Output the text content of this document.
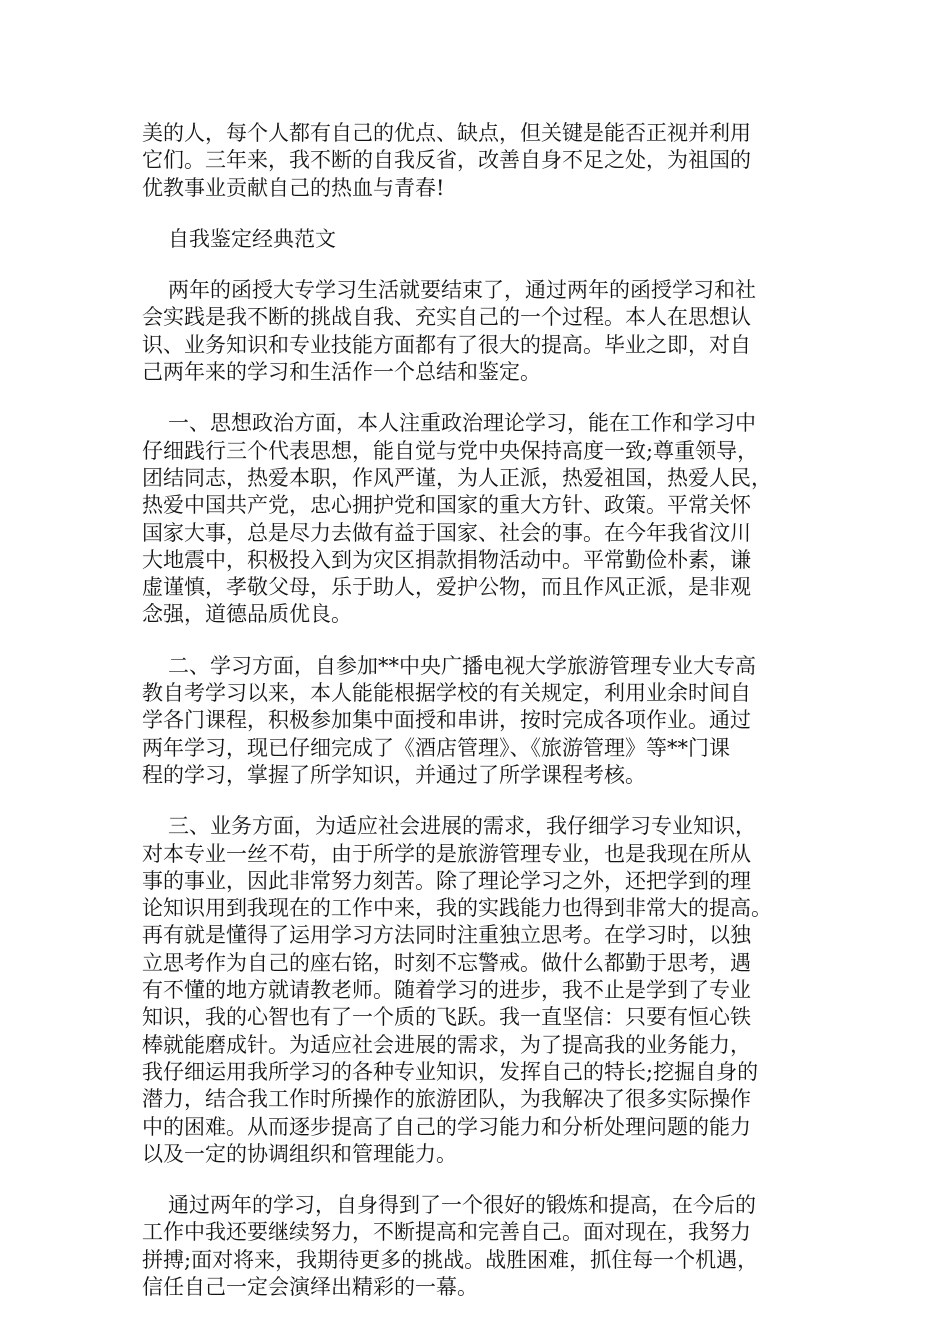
美的人，每个人都有自己的优点、缺点，但关键是能否正视并利用
它们。三年来，我不断的自我反省，改善自身不足之处，为祖国的
优教事业贡献自己的热血与青春!
自我鉴定经典范文
两年的函授大专学习生活就要结束了，通过两年的函授学习和社
会实践是我不断的挑战自我、充实自己的一个过程。本人在思想认
识、业务知识和专业技能方面都有了很大的提高。毕业之即，对自
己两年来的学习和生活作一个总结和鉴定。
一、思想政治方面，本人注重政治理论学习，能在工作和学习中
仔细践行三个代表思想，能自觉与党中央保持高度一致;尊重领导，
团结同志，热爱本职，作风严谨，为人正派，热爱祖国，热爱人民，
热爱中国共产党，忠心拥护党和国家的重大方针、政策。平常关怀
国家大事，总是尽力去做有益于国家、社会的事。在今年我省汶川
大地震中，积极投入到为灾区捐款捐物活动中。平常勤俭朴素，谦
虚谨慎，孝敬父母，乐于助人，爱护公物，而且作风正派，是非观
念强，道德品质优良。
二、学习方面，自参加**中央广播电视大学旅游管理专业大专高
教自考学习以来，本人能能根据学校的有关规定，利用业余时间自
学各门课程，积极参加集中面授和串讲，按时完成各项作业。通过
两年学习，现已仔细完成了《酒店管理》、《旅游管理》等**门课
程的学习，掌握了所学知识，并通过了所学课程考核。
三、业务方面，为适应社会进展的需求，我仔细学习专业知识，
对本专业一丝不苟，由于所学的是旅游管理专业，也是我现在所从
事的事业，因此非常努力刻苦。除了理论学习之外，还把学到的理
论知识用到我现在的工作中来，我的实践能力也得到非常大的提高。
再有就是懂得了运用学习方法同时注重独立思考。在学习时，以独
立思考作为自己的座右铭，时刻不忘警戒。做什么都勤于思考，遇
有不懂的地方就请教老师。随着学习的进步，我不止是学到了专业
知识，我的心智也有了一个质的飞跃。我一直坚信：只要有恒心铁
棒就能磨成针。为适应社会进展的需求，为了提高我的业务能力，
我仔细运用我所学习的各种专业知识，发挥自己的特长;挖掘自身的
潜力，结合我工作时所操作的旅游团队，为我解决了很多实际操作
中的困难。从而逐步提高了自己的学习能力和分析处理问题的能力
以及一定的协调组织和管理能力。
通过两年的学习，自身得到了一个很好的锻炼和提高，在今后的
工作中我还要继续努力，不断提高和完善自己。面对现在，我努力
拼搏;面对将来，我期待更多的挑战。战胜困难，抓住每一个机遇，
信任自己一定会演绎出精彩的一幕。
